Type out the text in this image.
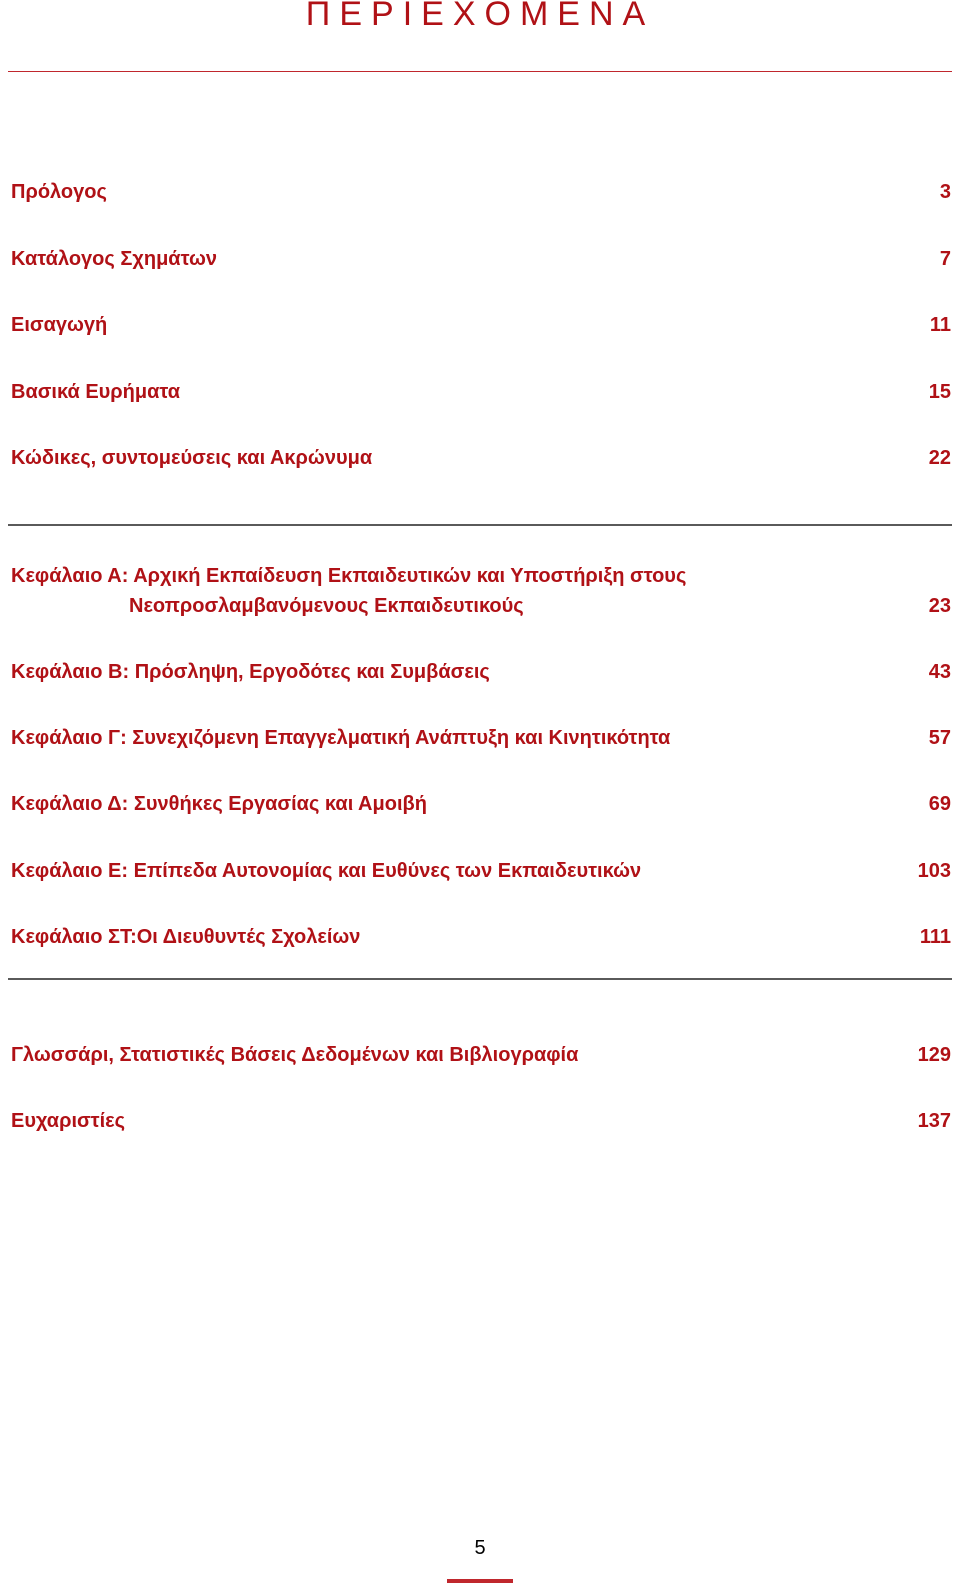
ΠΕΡΙΕΧΟΜΕΝΑ
Πρόλογος	3
Κατάλογος Σχημάτων	7
Εισαγωγή	11
Βασικά Ευρήματα	15
Κώδικες, συντομεύσεις και Ακρώνυμα	22
Κεφάλαιο Α: Αρχική Εκπαίδευση Εκπαιδευτικών και Υποστήριξη στους
Νεοπροσλαμβανόμενους Εκπαιδευτικούς	23
Κεφάλαιο Β: Πρόσληψη, Εργοδότες και Συμβάσεις	43
Κεφάλαιο Γ: Συνεχιζόμενη Επαγγελματική Ανάπτυξη και Κινητικότητα	57
Κεφάλαιο Δ: Συνθήκες Εργασίας και Αμοιβή	69
Κεφάλαιο Ε: Επίπεδα Αυτονομίας και Ευθύνες των Εκπαιδευτικών	103
Κεφάλαιο ΣΤ:Οι Διευθυντές Σχολείων	111
Γλωσσάρι, Στατιστικές Βάσεις Δεδομένων και Βιβλιογραφία	129
Ευχαριστίες	137
5
